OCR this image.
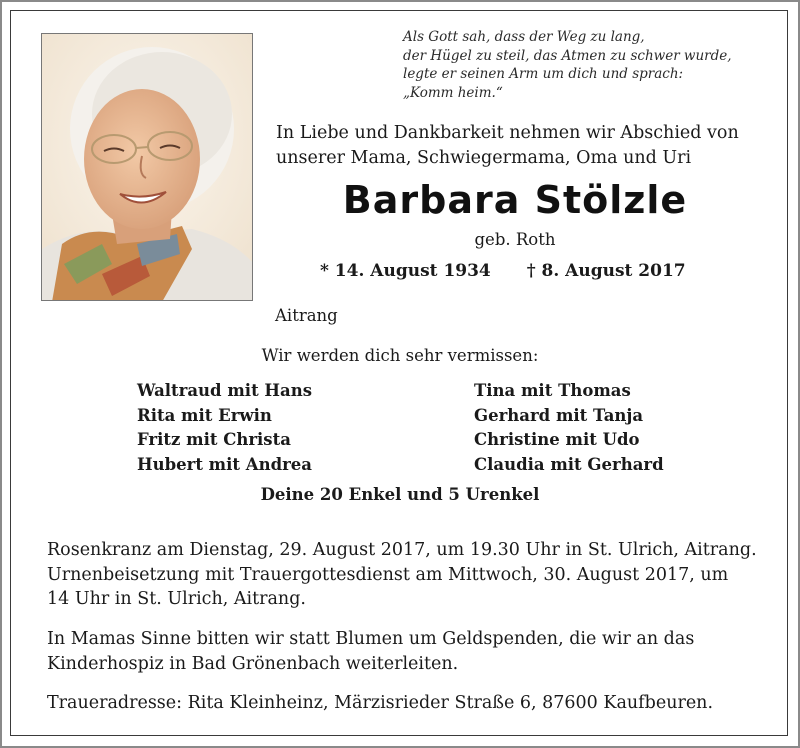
Als Gott sah, dass der Weg zu lang,
der Hügel zu steil, das Atmen zu schwer wurde,
legte er seinen Arm um dich und sprach:
„Komm heim.“
In Liebe und Dankbarkeit nehmen wir Abschied von
unserer Mama, Schwiegermama, Oma und Uri
Barbara Stölzle
geb. Roth
* 14. August 1934 † 8. August 2017
Aitrang
Wir werden dich sehr vermissen:
Waltraud mit Hans
Rita mit Erwin
Fritz mit Christa
Hubert mit Andrea
Tina mit Thomas
Gerhard mit Tanja
Christine mit Udo
Claudia mit Gerhard
Deine 20 Enkel und 5 Urenkel
Rosenkranz am Dienstag, 29. August 2017, um 19.30 Uhr in St. Ulrich, Aitrang.
Urnenbeisetzung mit Trauergottesdienst am Mittwoch, 30. August 2017, um
14 Uhr in St. Ulrich, Aitrang.
In Mamas Sinne bitten wir statt Blumen um Geldspenden, die wir an das
Kinderhospiz in Bad Grönenbach weiterleiten.
Traueradresse: Rita Kleinheinz, Märzisrieder Straße 6, 87600 Kaufbeuren.
